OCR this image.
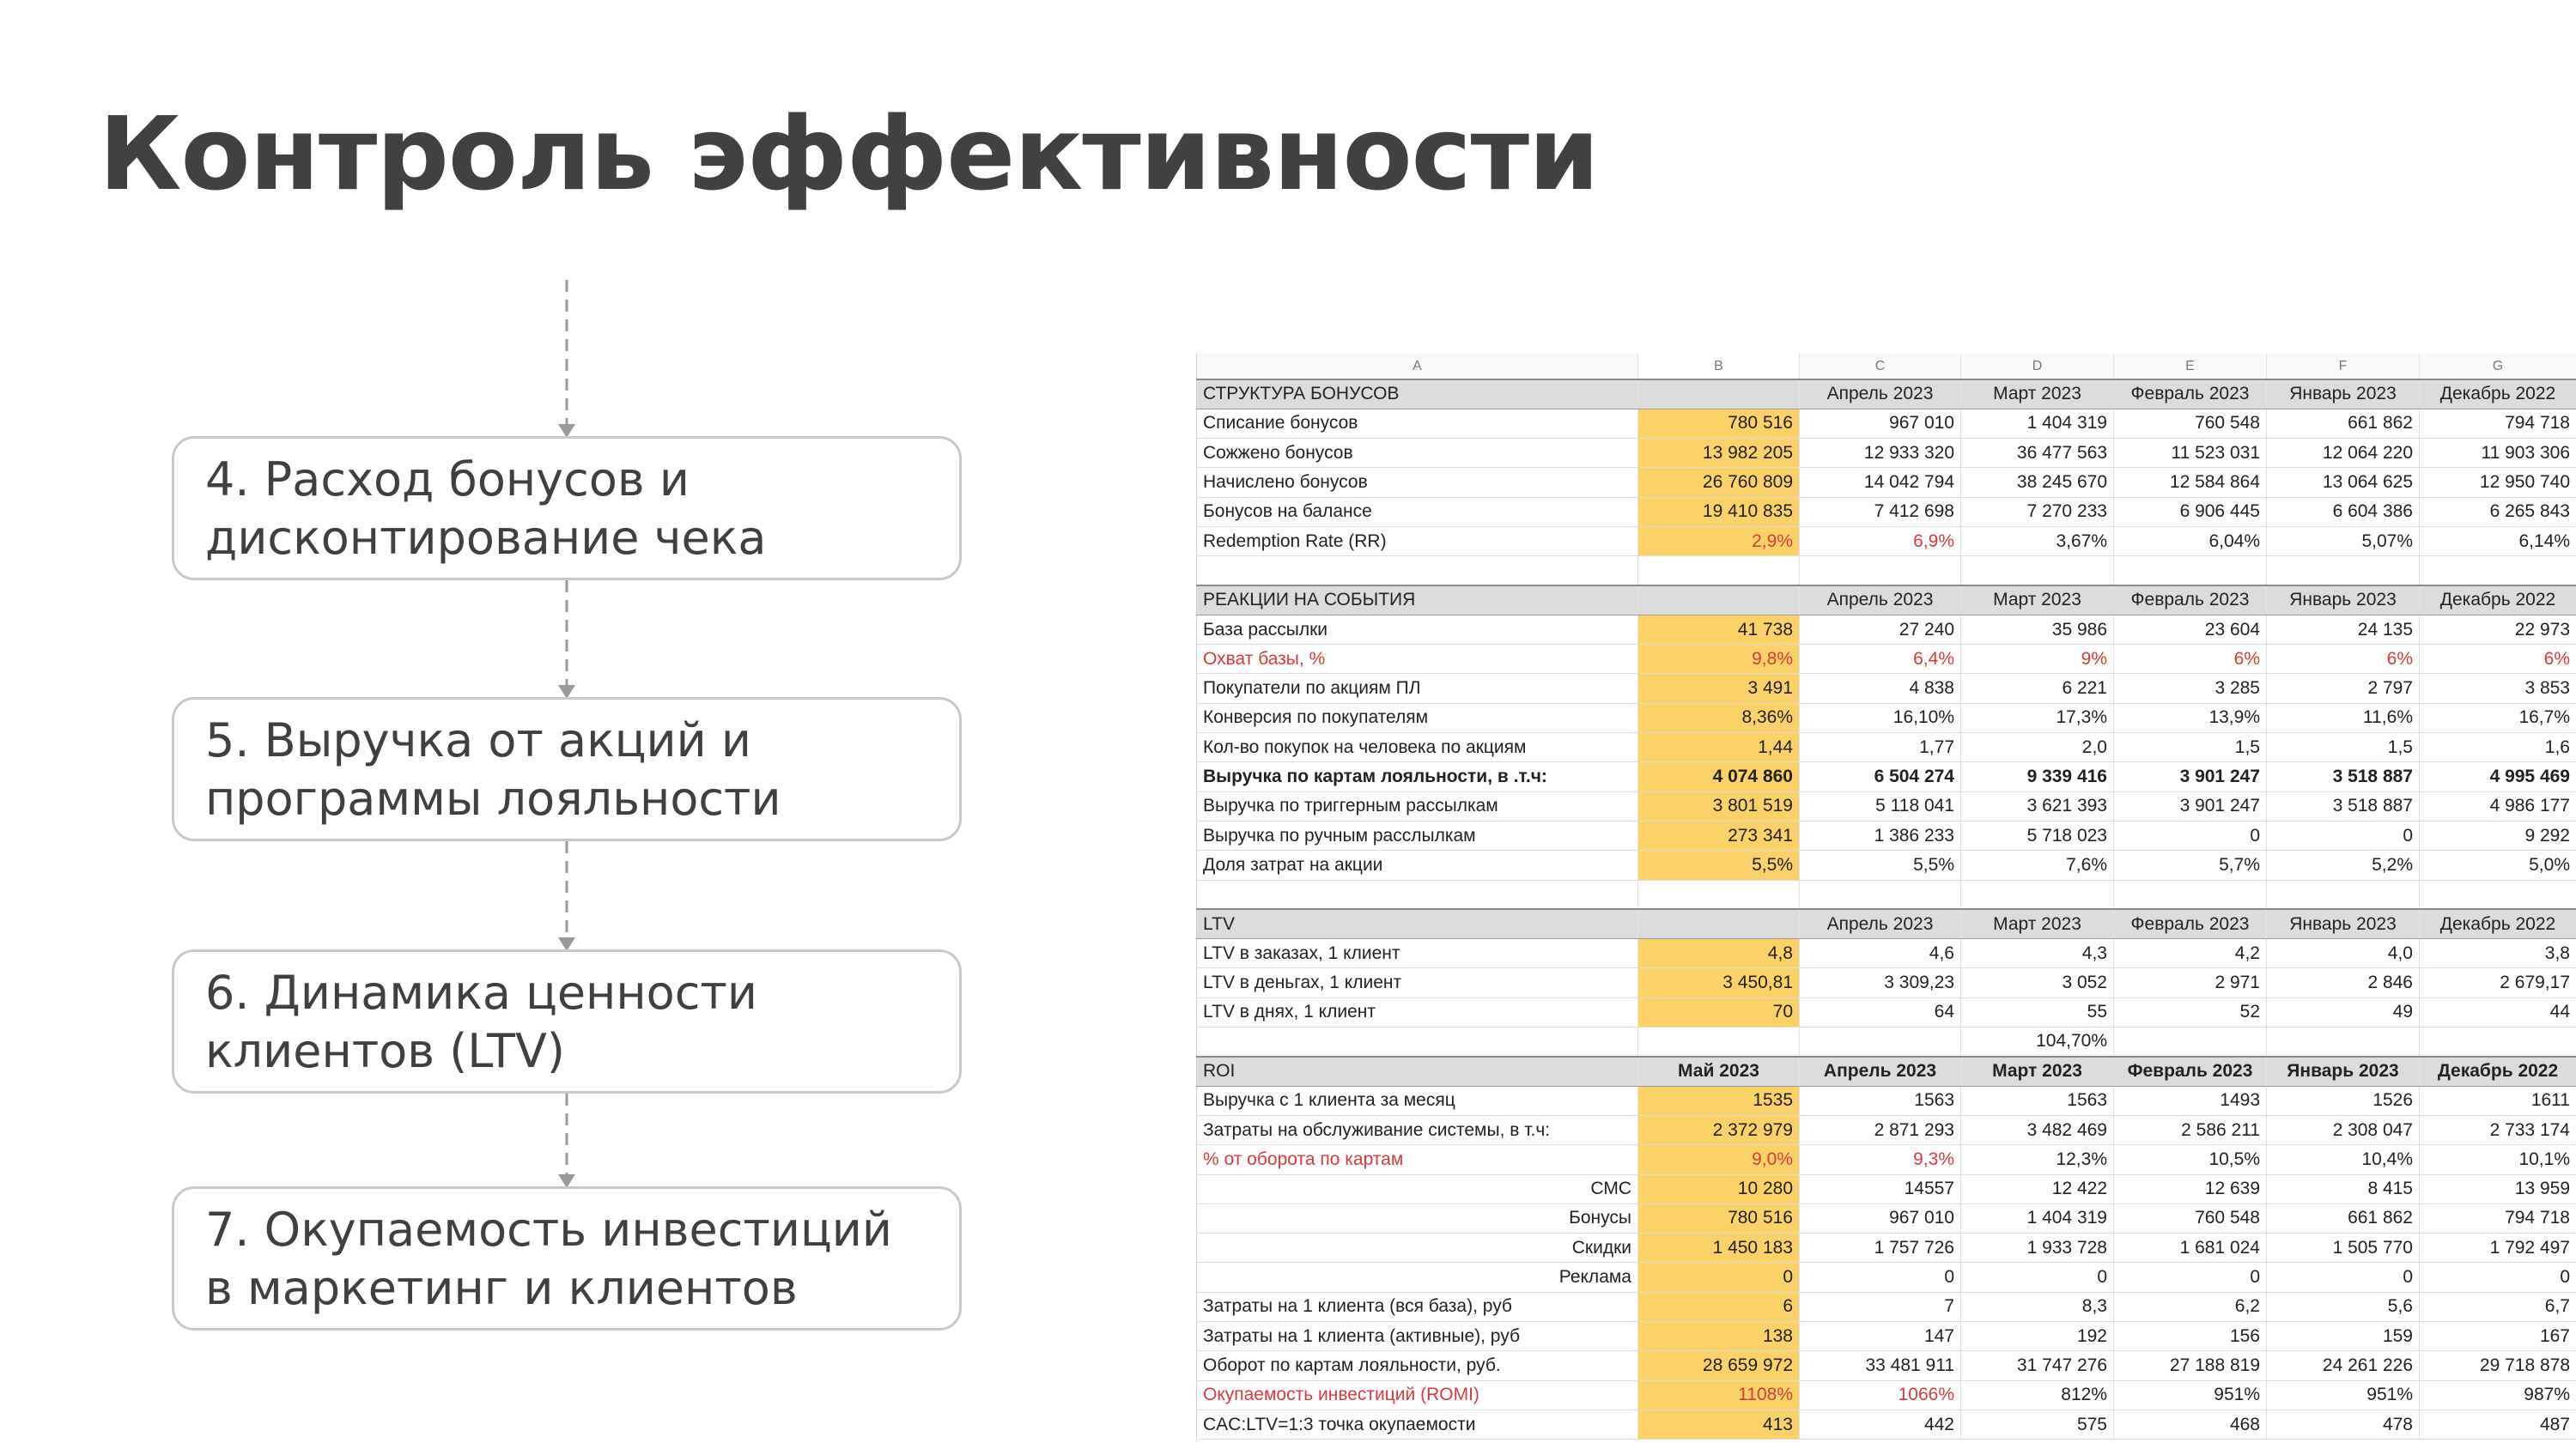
Контроль эффективности
4. Расход бонусов и
дисконтирование чека
5. Выручка от акций и
программы лояльности
6. Динамика ценности
клиентов (LTV)
7. Окупаемость инвестиций
в маркетинг и клиентов
A	B	C	D	E	F	G
СТРУКТУРА БОНУСОВ		Апрель 2023	Март 2023	Февраль 2023	Январь 2023	Декабрь 2022
Списание бонусов	780 516	967 010	1 404 319	760 548	661 862	794 718
Сожжено бонусов	13 982 205	12 933 320	36 477 563	11 523 031	12 064 220	11 903 306
Начислено бонусов	26 760 809	14 042 794	38 245 670	12 584 864	13 064 625	12 950 740
Бонусов на балансе	19 410 835	7 412 698	7 270 233	6 906 445	6 604 386	6 265 843
Redemption Rate (RR)	2,9%	6,9%	3,67%	6,04%	5,07%	6,14%

РЕАКЦИИ НА СОБЫТИЯ		Апрель 2023	Март 2023	Февраль 2023	Январь 2023	Декабрь 2022
База рассылки	41 738	27 240	35 986	23 604	24 135	22 973
Охват базы, %	9,8%	6,4%	9%	6%	6%	6%
Покупатели по акциям ПЛ	3 491	4 838	6 221	3 285	2 797	3 853
Конверсия по покупателям	8,36%	16,10%	17,3%	13,9%	11,6%	16,7%
Кол-во покупок на человека по акциям	1,44	1,77	2,0	1,5	1,5	1,6
Выручка по картам лояльности, в .т.ч:	4 074 860	6 504 274	9 339 416	3 901 247	3 518 887	4 995 469
Выручка по триггерным рассылкам	3 801 519	5 118 041	3 621 393	3 901 247	3 518 887	4 986 177
Выручка по ручным расслылкам	273 341	1 386 233	5 718 023	0	0	9 292
Доля затрат на акции	5,5%	5,5%	7,6%	5,7%	5,2%	5,0%

LTV		Апрель 2023	Март 2023	Февраль 2023	Январь 2023	Декабрь 2022
LTV в заказах, 1 клиент	4,8	4,6	4,3	4,2	4,0	3,8
LTV в деньгах, 1 клиент	3 450,81	3 309,23	3 052	2 971	2 846	2 679,17
LTV в днях, 1 клиент	70	64	55	52	49	44
			104,70%			
ROI	Май 2023	Апрель 2023	Март 2023	Февраль 2023	Январь 2023	Декабрь 2022
Выручка с 1 клиента за месяц	1535	1563	1563	1493	1526	1611
Затраты на обслуживание системы, в т.ч:	2 372 979	2 871 293	3 482 469	2 586 211	2 308 047	2 733 174
% от оборота по картам	9,0%	9,3%	12,3%	10,5%	10,4%	10,1%
СМС	10 280	14557	12 422	12 639	8 415	13 959
Бонусы	780 516	967 010	1 404 319	760 548	661 862	794 718
Скидки	1 450 183	1 757 726	1 933 728	1 681 024	1 505 770	1 792 497
Реклама	0	0	0	0	0	0
Затраты на 1 клиента (вся база), руб	6	7	8,3	6,2	5,6	6,7
Затраты на 1 клиента (активные), руб	138	147	192	156	159	167
Оборот по картам лояльности, руб.	28 659 972	33 481 911	31 747 276	27 188 819	24 261 226	29 718 878
Окупаемость инвестиций (ROMI)	1108%	1066%	812%	951%	951%	987%
CAC:LTV=1:3 точка окупаемости	413	442	575	468	478	487
